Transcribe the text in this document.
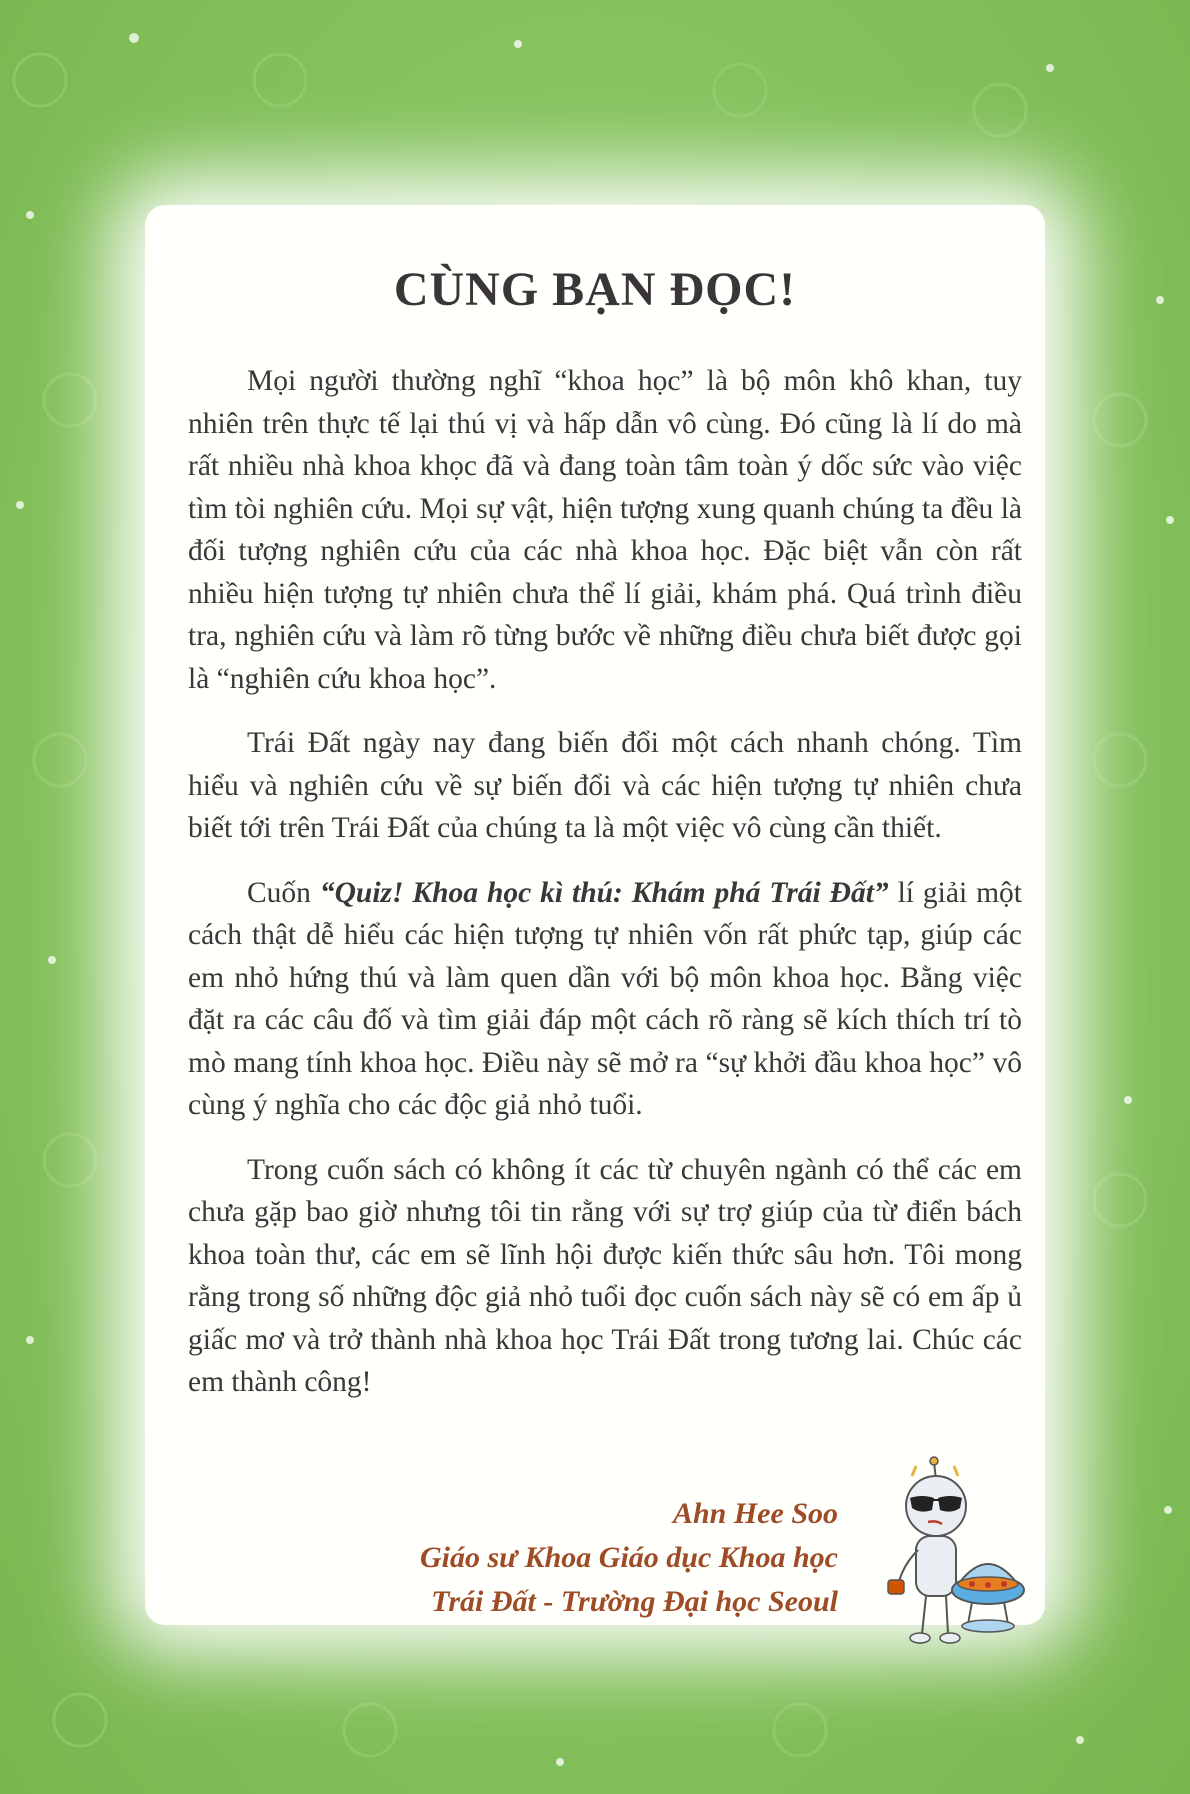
CÙNG BẠN ĐỌC!

Mọi người thường nghĩ “khoa học” là bộ môn khô khan, tuy nhiên trên thực tế lại thú vị và hấp dẫn vô cùng. Đó cũng là lí do mà rất nhiều nhà khoa khọc đã và đang toàn tâm toàn ý dốc sức vào việc tìm tòi nghiên cứu. Mọi sự vật, hiện tượng xung quanh chúng ta đều là đối tượng nghiên cứu của các nhà khoa học. Đặc biệt vẫn còn rất nhiều hiện tượng tự nhiên chưa thể lí giải, khám phá. Quá trình điều tra, nghiên cứu và làm rõ từng bước về những điều chưa biết được gọi là “nghiên cứu khoa học”.

Trái Đất ngày nay đang biến đổi một cách nhanh chóng. Tìm hiểu và nghiên cứu về sự biến đổi và các hiện tượng tự nhiên chưa biết tới trên Trái Đất của chúng ta là một việc vô cùng cần thiết.

Cuốn “Quiz! Khoa học kì thú: Khám phá Trái Đất” lí giải một cách thật dễ hiểu các hiện tượng tự nhiên vốn rất phức tạp, giúp các em nhỏ hứng thú và làm quen dần với bộ môn khoa học. Bằng việc đặt ra các câu đố và tìm giải đáp một cách rõ ràng sẽ kích thích trí tò mò mang tính khoa học. Điều này sẽ mở ra “sự khởi đầu khoa học” vô cùng ý nghĩa cho các độc giả nhỏ tuổi.

Trong cuốn sách có không ít các từ chuyên ngành có thể các em chưa gặp bao giờ nhưng tôi tin rằng với sự trợ giúp của từ điển bách khoa toàn thư, các em sẽ lĩnh hội được kiến thức sâu hơn. Tôi mong rằng trong số những độc giả nhỏ tuổi đọc cuốn sách này sẽ có em ấp ủ giấc mơ và trở thành nhà khoa học Trái Đất trong tương lai. Chúc các em thành công!

Ahn Hee Soo
Giáo sư Khoa Giáo dục Khoa học
Trái Đất - Trường Đại học Seoul
